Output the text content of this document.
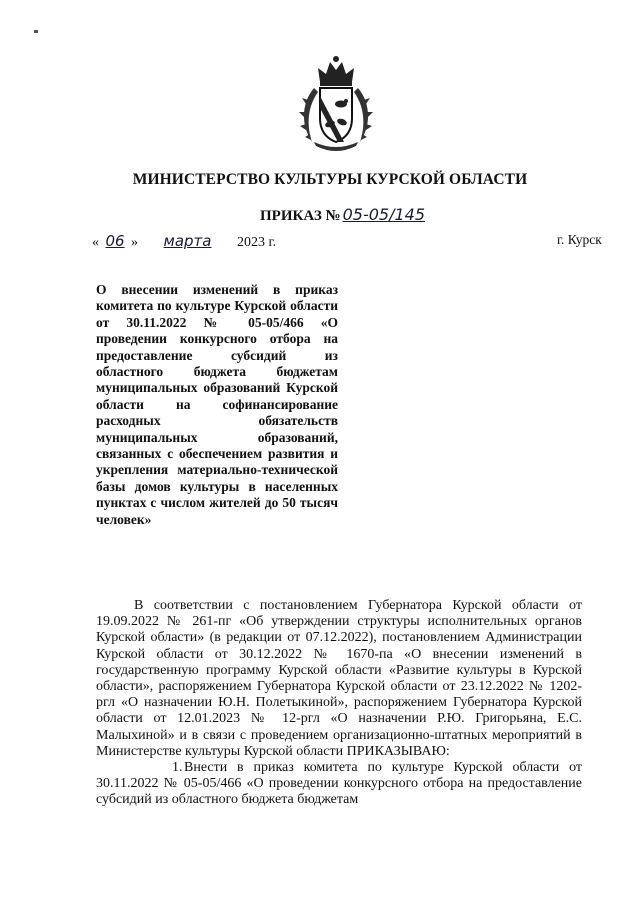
МИНИСТЕРСТВО КУЛЬТУРЫ КУРСКОЙ ОБЛАСТИ
ПРИКАЗ № 05-05/145
« 06 » марта 2023 г.	г. Курск
О внесении изменений в приказ комитета по культуре Курской области от 30.11.2022 № 05-05/466 «О проведении конкурсного отбора на предоставление субсидий из областного бюджета бюджетам муниципальных образований Курской области на софинансирование расходных обязательств муниципальных образований, связанных с обеспечением развития и укрепления материально-технической базы домов культуры в населенных пунктах с числом жителей до 50 тысяч человек»

В соответствии с постановлением Губернатора Курской области от 19.09.2022 № 261-пг «Об утверждении структуры исполнительных органов Курской области» (в редакции от 07.12.2022), постановлением Администрации Курской области от 30.12.2022 № 1670-па «О внесении изменений в государственную программу Курской области «Развитие культуры в Курской области», распоряжением Губернатора Курской области от 23.12.2022 № 1202-ргл «О назначении Ю.Н. Полетыкиной», распоряжением Губернатора Курской области от 12.01.2023 № 12-ргл «О назначении Р.Ю. Григорьяна, Е.С. Малыхиной» и в связи с проведением организационно-штатных мероприятий в Министерстве культуры Курской области ПРИКАЗЫВАЮ:

1. Внести в приказ комитета по культуре Курской области от 30.11.2022 № 05-05/466 «О проведении конкурсного отбора на предоставление субсидий из областного бюджета бюджетам
